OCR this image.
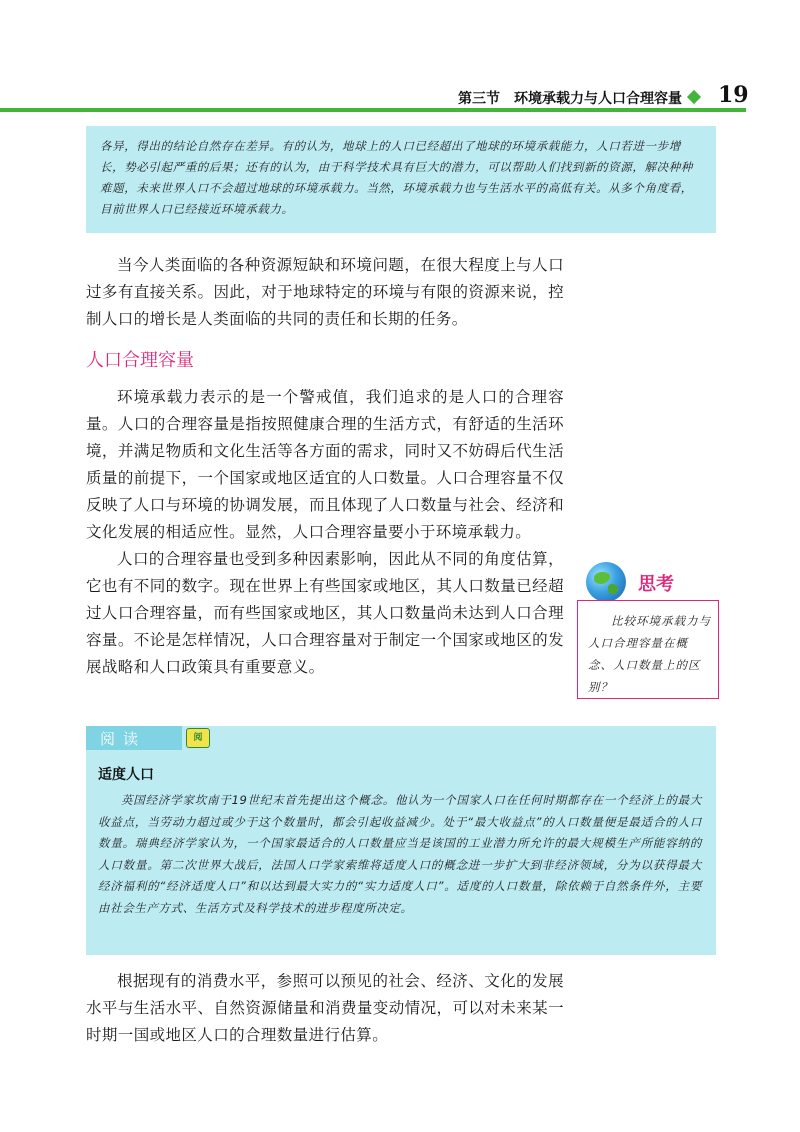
第三节　环境承载力与人口合理容量 19

各异，得出的结论自然存在差异。有的认为，地球上的人口已经超出了地球的环境承载能力，人口若进一步增长，势必引起严重的后果；还有的认为，由于科学技术具有巨大的潜力，可以帮助人们找到新的资源，解决种种难题，未来世界人口不会超过地球的环境承载力。当然，环境承载力也与生活水平的高低有关。从多个角度看，目前世界人口已经接近环境承载力。

当今人类面临的各种资源短缺和环境问题，在很大程度上与人口过多有直接关系。因此，对于地球特定的环境与有限的资源来说，控制人口的增长是人类面临的共同的责任和长期的任务。

人口合理容量

环境承载力表示的是一个警戒值，我们追求的是人口的合理容量。人口的合理容量是指按照健康合理的生活方式，有舒适的生活环境，并满足物质和文化生活等各方面的需求，同时又不妨碍后代生活质量的前提下，一个国家或地区适宜的人口数量。人口合理容量不仅反映了人口与环境的协调发展，而且体现了人口数量与社会、经济和文化发展的相适应性。显然，人口合理容量要小于环境承载力。

人口的合理容量也受到多种因素影响，因此从不同的角度估算，它也有不同的数字。现在世界上有些国家或地区，其人口数量已经超过人口合理容量，而有些国家或地区，其人口数量尚未达到人口合理容量。不论是怎样情况，人口合理容量对于制定一个国家或地区的发展战略和人口政策具有重要意义。

思考

比较环境承载力与人口合理容量在概念、人口数量上的区别？

阅读	阅
适度人口

英国经济学家坎南于19世纪末首先提出这个概念。他认为一个国家人口在任何时期都存在一个经济上的最大收益点，当劳动力超过或少于这个数量时，都会引起收益减少。处于“最大收益点”的人口数量便是最适合的人口数量。瑞典经济学家认为，一个国家最适合的人口数量应当是该国的工业潜力所允许的最大规模生产所能容纳的人口数量。第二次世界大战后，法国人口学家索维将适度人口的概念进一步扩大到非经济领域，分为以获得最大经济福利的“经济适度人口”和以达到最大实力的“实力适度人口”。适度的人口数量，除依赖于自然条件外，主要由社会生产方式、生活方式及科学技术的进步程度所决定。

根据现有的消费水平，参照可以预见的社会、经济、文化的发展水平与生活水平、自然资源储量和消费量变动情况，可以对未来某一时期一国或地区人口的合理数量进行估算。
